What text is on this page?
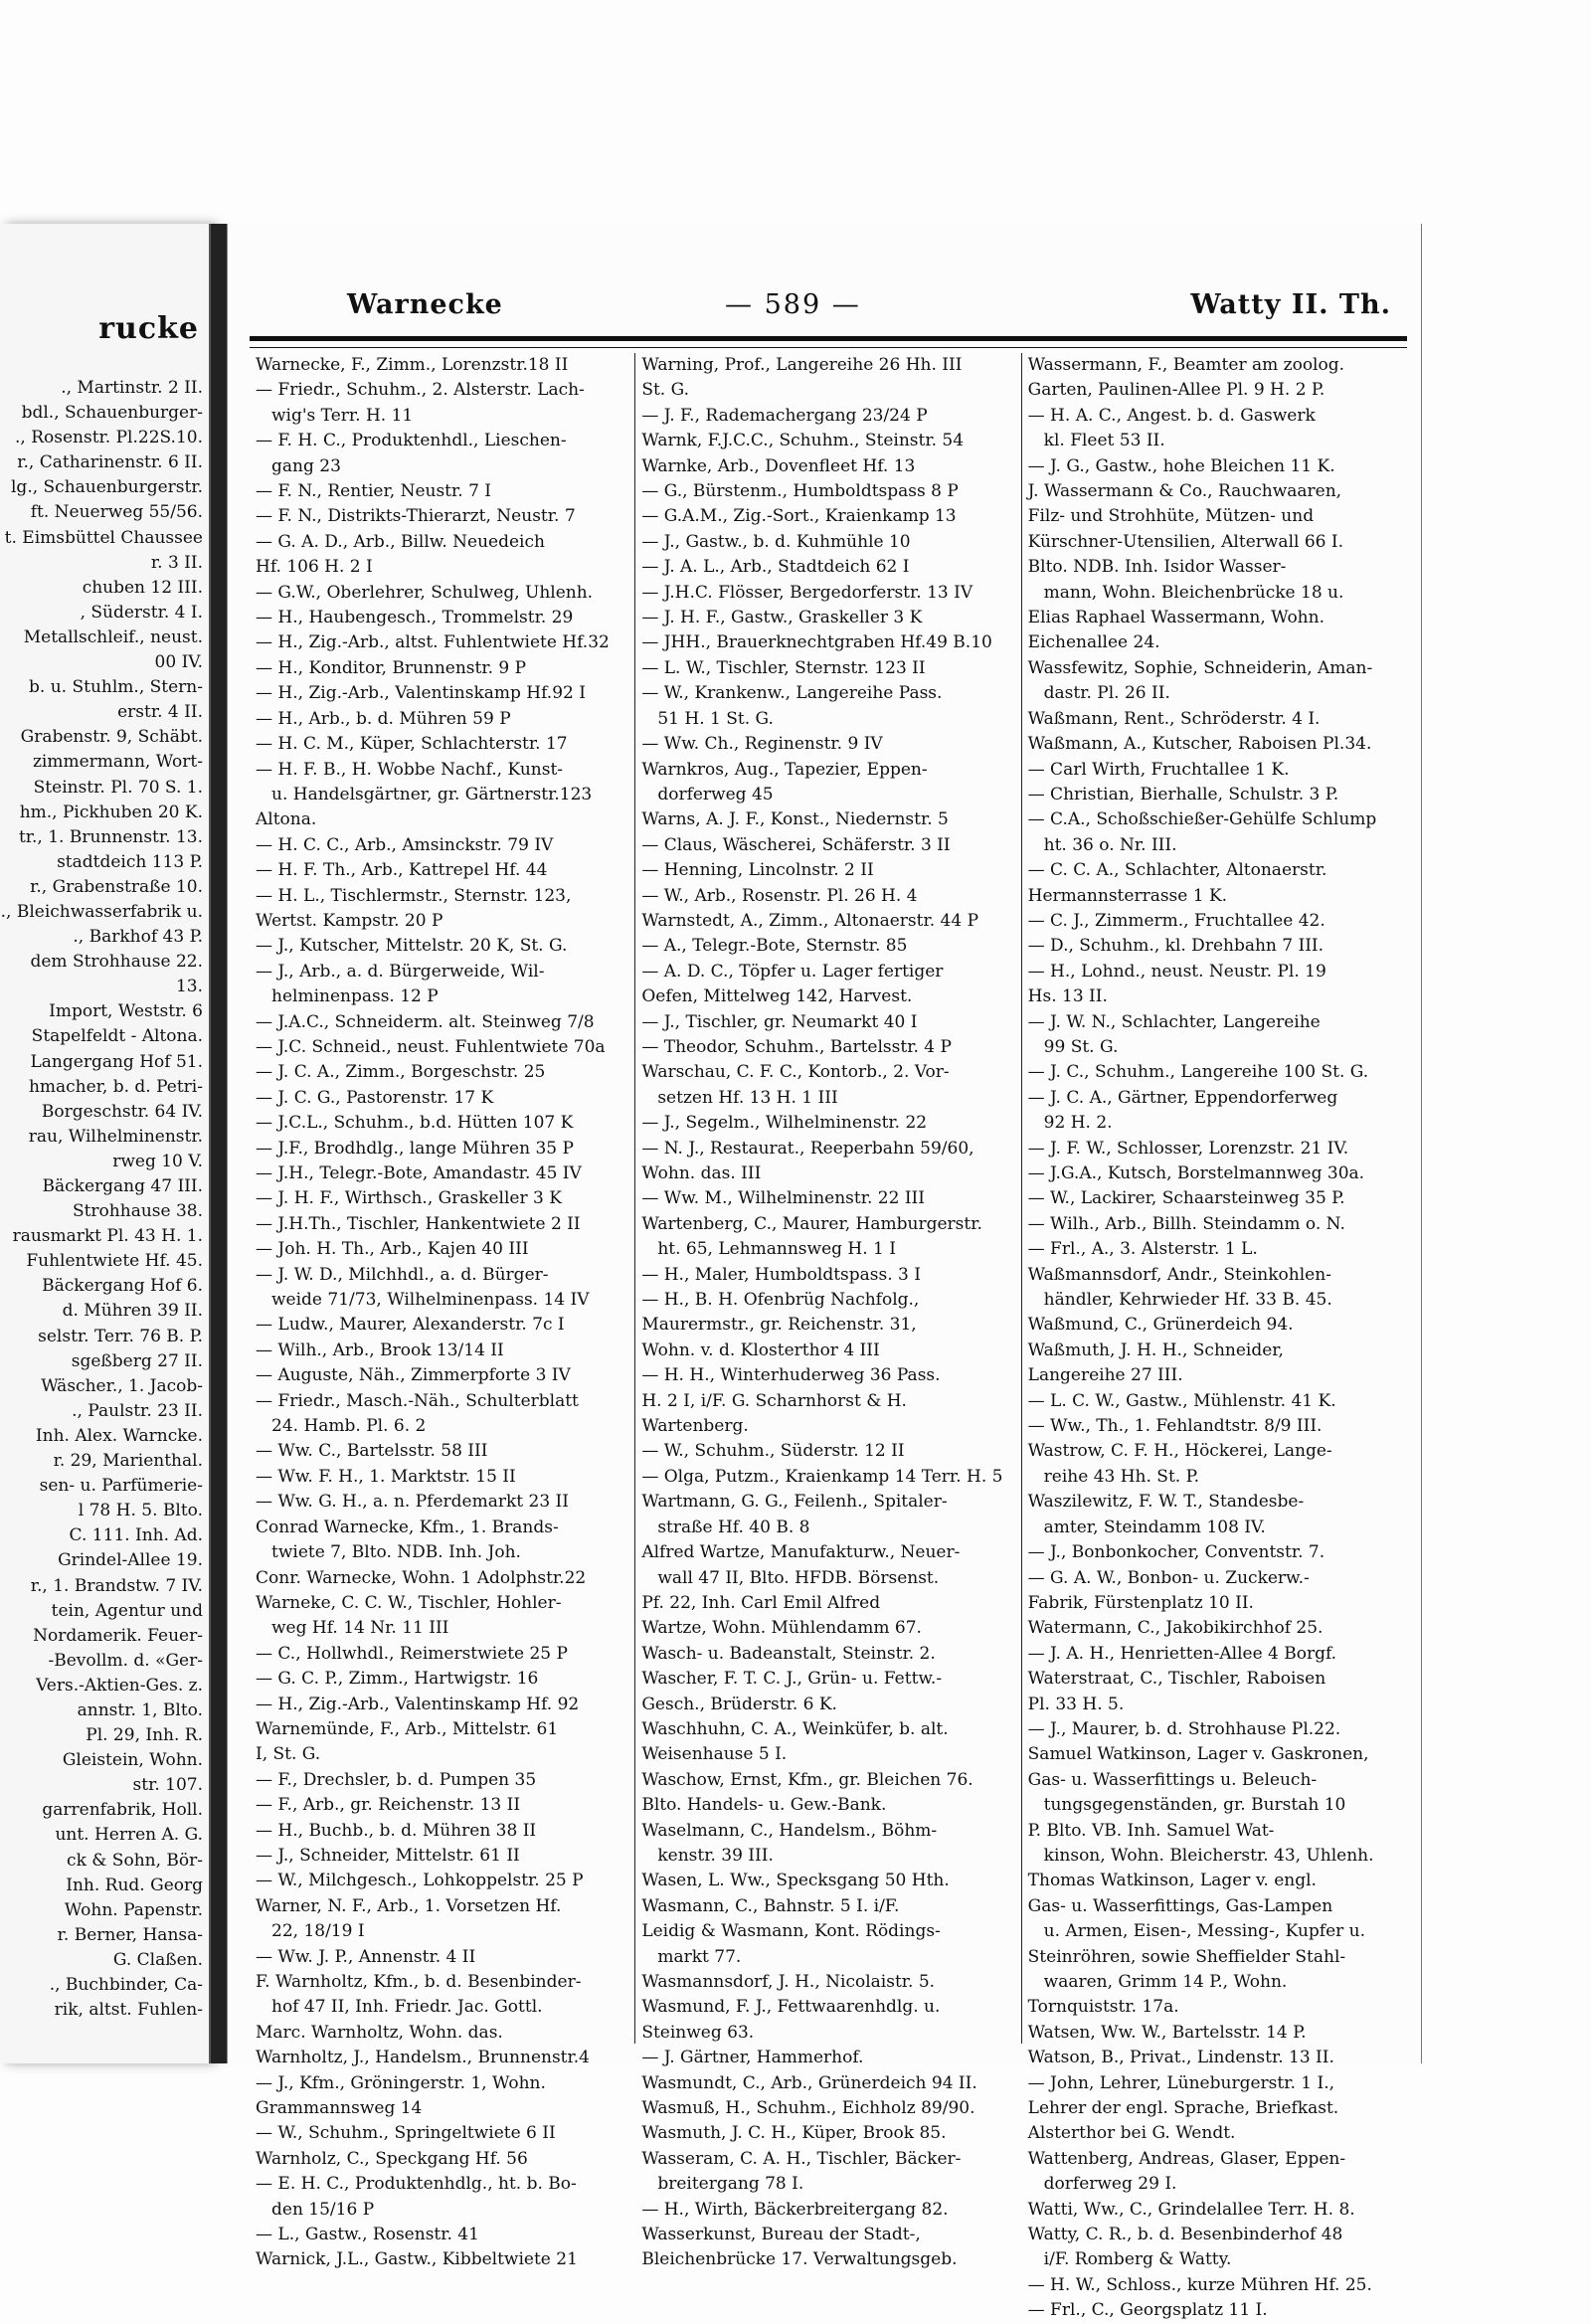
rucke
., Martinstr. 2 II.
bdl., Schauenburger-
., Rosenstr. Pl.22S.10.
r., Catharinenstr. 6 II.
lg., Schauenburgerstr.
ft. Neuerweg 55/56.
t. Eimsbüttel Chaussee
r. 3 II.
chuben 12 III.
, Süderstr. 4 I.
Metallschleif., neust.
00 IV.
b. u. Stuhlm., Stern-
erstr. 4 II.
Grabenstr. 9, Schäbt.
zimmermann, Wort-
Steinstr. Pl. 70 S. 1.
hm., Pickhuben 20 K.
tr., 1. Brunnenstr. 13.
stadtdeich 113 P.
r., Grabenstraße 10.
., Bleichwasserfabrik u.
., Barkhof 43 P.
dem Strohhause 22.
13.
Import, Weststr. 6
Stapelfeldt - Altona.
Langergang Hof 51.
hmacher, b. d. Petri-
Borgeschstr. 64 IV.
rau, Wilhelminenstr.
rweg 10 V.
Bäckergang 47 III.
Strohhause 38.
rausmarkt Pl. 43 H. 1.
Fuhlentwiete Hf. 45.
Bäckergang Hof 6.
d. Mühren 39 II.
selstr. Terr. 76 B. P.
sgeßberg 27 II.
Wäscher., 1. Jacob-
., Paulstr. 23 II.
Inh. Alex. Warncke.
r. 29, Marienthal.
sen- u. Parfümerie-
l 78 H. 5. Blto.
C. 111. Inh. Ad.
Grindel-Allee 19.
r., 1. Brandstw. 7 IV.
tein, Agentur und
Nordamerik. Feuer-
-Bevollm. d. «Ger-
Vers.-Aktien-Ges. z.
annstr. 1, Blto.
Pl. 29, Inh. R.
Gleistein, Wohn.
str. 107.
garrenfabrik, Holl.
unt. Herren A. G.
ck & Sohn, Bör-
Inh. Rud. Georg
Wohn. Papenstr.
r. Berner, Hansa-
G. Claßen.
., Buchbinder, Ca-
rik, altst. Fuhlen-
Warnecke	— 589 —	Watty II. Th.
Warnecke, F., Zimm., Lorenzstr.18 II
— Friedr., Schuhm., 2. Alsterstr. Lach-
wig's Terr. H. 11
— F. H. C., Produktenhdl., Lieschen-
gang 23
— F. N., Rentier, Neustr. 7 I
— F. N., Distrikts-Thierarzt, Neustr. 7
— G. A. D., Arb., Billw. Neuedeich
Hf. 106 H. 2 I
— G.W., Oberlehrer, Schulweg, Uhlenh.
— H., Haubengesch., Trommelstr. 29
— H., Zig.-Arb., altst. Fuhlentwiete Hf.32
— H., Konditor, Brunnenstr. 9 P
— H., Zig.-Arb., Valentinskamp Hf.92 I
— H., Arb., b. d. Mühren 59 P
— H. C. M., Küper, Schlachterstr. 17
— H. F. B., H. Wobbe Nachf., Kunst-
u. Handelsgärtner, gr. Gärtnerstr.123
Altona.
— H. C. C., Arb., Amsinckstr. 79 IV
— H. F. Th., Arb., Kattrepel Hf. 44
— H. L., Tischlermstr., Sternstr. 123,
Wertst. Kampstr. 20 P
— J., Kutscher, Mittelstr. 20 K, St. G.
— J., Arb., a. d. Bürgerweide, Wil-
helminenpass. 12 P
— J.A.C., Schneiderm. alt. Steinweg 7/8
— J.C. Schneid., neust. Fuhlentwiete 70a
— J. C. A., Zimm., Borgeschstr. 25
— J. C. G., Pastorenstr. 17 K
— J.C.L., Schuhm., b.d. Hütten 107 K
— J.F., Brodhdlg., lange Mühren 35 P
— J.H., Telegr.-Bote, Amandastr. 45 IV
— J. H. F., Wirthsch., Graskeller 3 K
— J.H.Th., Tischler, Hankentwiete 2 II
— Joh. H. Th., Arb., Kajen 40 III
— J. W. D., Milchhdl., a. d. Bürger-
weide 71/73, Wilhelminenpass. 14 IV
— Ludw., Maurer, Alexanderstr. 7c I
— Wilh., Arb., Brook 13/14 II
— Auguste, Näh., Zimmerpforte 3 IV
— Friedr., Masch.-Näh., Schulterblatt
24. Hamb. Pl. 6. 2
— Ww. C., Bartelsstr. 58 III
— Ww. F. H., 1. Marktstr. 15 II
— Ww. G. H., a. n. Pferdemarkt 23 II
Conrad Warnecke, Kfm., 1. Brands-
twiete 7, Blto. NDB. Inh. Joh.
Conr. Warnecke, Wohn. 1 Adolphstr.22
Warneke, C. C. W., Tischler, Hohler-
weg Hf. 14 Nr. 11 III
— C., Hollwhdl., Reimerstwiete 25 P
— G. C. P., Zimm., Hartwigstr. 16
— H., Zig.-Arb., Valentinskamp Hf. 92
Warnemünde, F., Arb., Mittelstr. 61
I, St. G.
— F., Drechsler, b. d. Pumpen 35
— F., Arb., gr. Reichenstr. 13 II
— H., Buchb., b. d. Mühren 38 II
— J., Schneider, Mittelstr. 61 II
— W., Milchgesch., Lohkoppelstr. 25 P
Warner, N. F., Arb., 1. Vorsetzen Hf.
22, 18/19 I
— Ww. J. P., Annenstr. 4 II
F. Warnholtz, Kfm., b. d. Besenbinder-
hof 47 II, Inh. Friedr. Jac. Gottl.
Marc. Warnholtz, Wohn. das.
Warnholtz, J., Handelsm., Brunnenstr.4
— J., Kfm., Gröningerstr. 1, Wohn.
Grammannsweg 14
— W., Schuhm., Springeltwiete 6 II
Warnholz, C., Speckgang Hf. 56
— E. H. C., Produktenhdlg., ht. b. Bo-
den 15/16 P
— L., Gastw., Rosenstr. 41
Warnick, J.L., Gastw., Kibbeltwiete 21
Warning, Prof., Langereihe 26 Hh. III
St. G.
— J. F., Rademachergang 23/24 P
Warnk, F.J.C.C., Schuhm., Steinstr. 54
Warnke, Arb., Dovenfleet Hf. 13
— G., Bürstenm., Humboldtspass 8 P
— G.A.M., Zig.-Sort., Kraienkamp 13
— J., Gastw., b. d. Kuhmühle 10
— J. A. L., Arb., Stadtdeich 62 I
— J.H.C. Flösser, Bergedorferstr. 13 IV
— J. H. F., Gastw., Graskeller 3 K
— JHH., Brauerknechtgraben Hf.49 B.10
— L. W., Tischler, Sternstr. 123 II
— W., Krankenw., Langereihe Pass.
51 H. 1 St. G.
— Ww. Ch., Reginenstr. 9 IV
Warnkros, Aug., Tapezier, Eppen-
dorferweg 45
Warns, A. J. F., Konst., Niedernstr. 5
— Claus, Wäscherei, Schäferstr. 3 II
— Henning, Lincolnstr. 2 II
— W., Arb., Rosenstr. Pl. 26 H. 4
Warnstedt, A., Zimm., Altonaerstr. 44 P
— A., Telegr.-Bote, Sternstr. 85
— A. D. C., Töpfer u. Lager fertiger
Oefen, Mittelweg 142, Harvest.
— J., Tischler, gr. Neumarkt 40 I
— Theodor, Schuhm., Bartelsstr. 4 P
Warschau, C. F. C., Kontorb., 2. Vor-
setzen Hf. 13 H. 1 III
— J., Segelm., Wilhelminenstr. 22
— N. J., Restaurat., Reeperbahn 59/60,
Wohn. das. III
— Ww. M., Wilhelminenstr. 22 III
Wartenberg, C., Maurer, Hamburgerstr.
ht. 65, Lehmannsweg H. 1 I
— H., Maler, Humboldtspass. 3 I
— H., B. H. Ofenbrüg Nachfolg.,
Maurermstr., gr. Reichenstr. 31,
Wohn. v. d. Klosterthor 4 III
— H. H., Winterhuderweg 36 Pass.
H. 2 I, i/F. G. Scharnhorst & H.
Wartenberg.
— W., Schuhm., Süderstr. 12 II
— Olga, Putzm., Kraienkamp 14 Terr. H. 5
Wartmann, G. G., Feilenh., Spitaler-
straße Hf. 40 B. 8
Alfred Wartze, Manufakturw., Neuer-
wall 47 II, Blto. HFDB. Börsenst.
Pf. 22, Inh. Carl Emil Alfred
Wartze, Wohn. Mühlendamm 67.
Wasch- u. Badeanstalt, Steinstr. 2.
Wascher, F. T. C. J., Grün- u. Fettw.-
Gesch., Brüderstr. 6 K.
Waschhuhn, C. A., Weinküfer, b. alt.
Weisenhause 5 I.
Waschow, Ernst, Kfm., gr. Bleichen 76.
Blto. Handels- u. Gew.-Bank.
Waselmann, C., Handelsm., Böhm-
kenstr. 39 III.
Wasen, L. Ww., Specksgang 50 Hth.
Wasmann, C., Bahnstr. 5 I. i/F.
Leidig & Wasmann, Kont. Rödings-
markt 77.
Wasmannsdorf, J. H., Nicolaistr. 5.
Wasmund, F. J., Fettwaarenhdlg. u.
Steinweg 63.
— J. Gärtner, Hammerhof.
Wasmundt, C., Arb., Grünerdeich 94 II.
Wasmuß, H., Schuhm., Eichholz 89/90.
Wasmuth, J. C. H., Küper, Brook 85.
Wasseram, C. A. H., Tischler, Bäcker-
breitergang 78 I.
— H., Wirth, Bäckerbreitergang 82.
Wasserkunst, Bureau der Stadt-,
Bleichenbrücke 17. Verwaltungsgeb.
Wassermann, F., Beamter am zoolog.
Garten, Paulinen-Allee Pl. 9 H. 2 P.
— H. A. C., Angest. b. d. Gaswerk
kl. Fleet 53 II.
— J. G., Gastw., hohe Bleichen 11 K.
J. Wassermann & Co., Rauchwaaren,
Filz- und Strohhüte, Mützen- und
Kürschner-Utensilien, Alterwall 66 I.
Blto. NDB. Inh. Isidor Wasser-
mann, Wohn. Bleichenbrücke 18 u.
Elias Raphael Wassermann, Wohn.
Eichenallee 24.
Wassfewitz, Sophie, Schneiderin, Aman-
dastr. Pl. 26 II.
Waßmann, Rent., Schröderstr. 4 I.
Waßmann, A., Kutscher, Raboisen Pl.34.
— Carl Wirth, Fruchtallee 1 K.
— Christian, Bierhalle, Schulstr. 3 P.
— C.A., Schoßschießer-Gehülfe Schlump
ht. 36 o. Nr. III.
— C. C. A., Schlachter, Altonaerstr.
Hermannsterrasse 1 K.
— C. J., Zimmerm., Fruchtallee 42.
— D., Schuhm., kl. Drehbahn 7 III.
— H., Lohnd., neust. Neustr. Pl. 19
Hs. 13 II.
— J. W. N., Schlachter, Langereihe
99 St. G.
— J. C., Schuhm., Langereihe 100 St. G.
— J. C. A., Gärtner, Eppendorferweg
92 H. 2.
— J. F. W., Schlosser, Lorenzstr. 21 IV.
— J.G.A., Kutsch, Borstelmannweg 30a.
— W., Lackirer, Schaarsteinweg 35 P.
— Wilh., Arb., Billh. Steindamm o. N.
— Frl., A., 3. Alsterstr. 1 L.
Waßmannsdorf, Andr., Steinkohlen-
händler, Kehrwieder Hf. 33 B. 45.
Waßmund, C., Grünerdeich 94.
Waßmuth, J. H. H., Schneider,
Langereihe 27 III.
— L. C. W., Gastw., Mühlenstr. 41 K.
— Ww., Th., 1. Fehlandtstr. 8/9 III.
Wastrow, C. F. H., Höckerei, Lange-
reihe 43 Hh. St. P.
Waszilewitz, F. W. T., Standesbe-
amter, Steindamm 108 IV.
— J., Bonbonkocher, Conventstr. 7.
— G. A. W., Bonbon- u. Zuckerw.-
Fabrik, Fürstenplatz 10 II.
Watermann, C., Jakobikirchhof 25.
— J. A. H., Henrietten-Allee 4 Borgf.
Waterstraat, C., Tischler, Raboisen
Pl. 33 H. 5.
— J., Maurer, b. d. Strohhause Pl.22.
Samuel Watkinson, Lager v. Gaskronen,
Gas- u. Wasserfittings u. Beleuch-
tungsgegenständen, gr. Burstah 10
P. Blto. VB. Inh. Samuel Wat-
kinson, Wohn. Bleicherstr. 43, Uhlenh.
Thomas Watkinson, Lager v. engl.
Gas- u. Wasserfittings, Gas-Lampen
u. Armen, Eisen-, Messing-, Kupfer u.
Steinröhren, sowie Sheffielder Stahl-
waaren, Grimm 14 P., Wohn.
Tornquiststr. 17a.
Watsen, Ww. W., Bartelsstr. 14 P.
Watson, B., Privat., Lindenstr. 13 II.
— John, Lehrer, Lüneburgerstr. 1 I.,
Lehrer der engl. Sprache, Briefkast.
Alsterthor bei G. Wendt.
Wattenberg, Andreas, Glaser, Eppen-
dorferweg 29 I.
Watti, Ww., C., Grindelallee Terr. H. 8.
Watty, C. R., b. d. Besenbinderhof 48
i/F. Romberg & Watty.
— H. W., Schloss., kurze Mühren Hf. 25.
— Frl., C., Georgsplatz 11 I.
